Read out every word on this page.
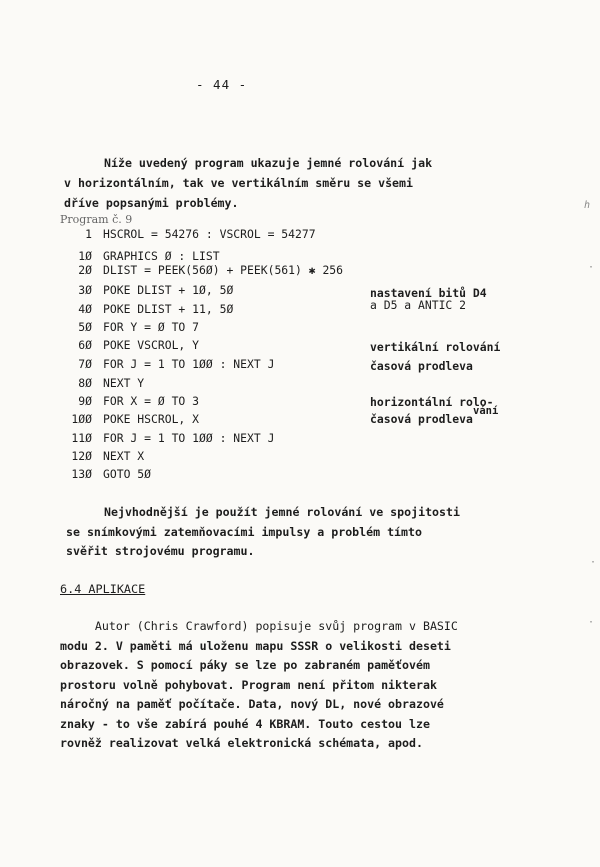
- 44 -
Níže uvedený program ukazuje jemné rolování jak
v horizontálním, tak ve vertikálním směru se všemi
dříve popsanými problémy.
Program č. 9
1 HSCROL = 54276 : VSCROL = 54277
1Ø GRAPHICS Ø : LIST
2Ø DLIST = PEEK(56Ø) + PEEK(561) ✱ 256
3Ø POKE DLIST + 1Ø, 5Ø
4Ø POKE DLIST + 11, 5Ø
5Ø FOR Y = Ø TO 7
6Ø POKE VSCROL, Y
7Ø FOR J = 1 TO 1ØØ : NEXT J
8Ø NEXT Y
9Ø FOR X = Ø TO 3
1ØØ POKE HSCROL, X
11Ø FOR J = 1 TO 1ØØ : NEXT J
12Ø NEXT X
13Ø GOTO 5Ø
nastavení bitů D4
a D5 a ANTIC 2
vertikální rolování
časová prodleva
horizontální rolo-
časová prodleva
vání
Nejvhodnější je použít jemné rolování ve spojitosti
se snímkovými zatemňovacími impulsy a problém tímto
svěřit strojovému programu.
6.4 APLIKACE
Autor (Chris Crawford) popisuje svůj program v BASIC
modu 2. V paměti má uloženu mapu SSSR o velikosti deseti
obrazovek. S pomocí páky se lze po zabraném paměťovém
prostoru volně pohybovat. Program není přitom nikterak
náročný na paměť počítače. Data, nový DL, nové obrazové
znaky - to vše zabírá pouhé 4 KBRAM. Touto cestou lze
rovněž realizovat velká elektronická schémata, apod.
ℎ
·
·
·
